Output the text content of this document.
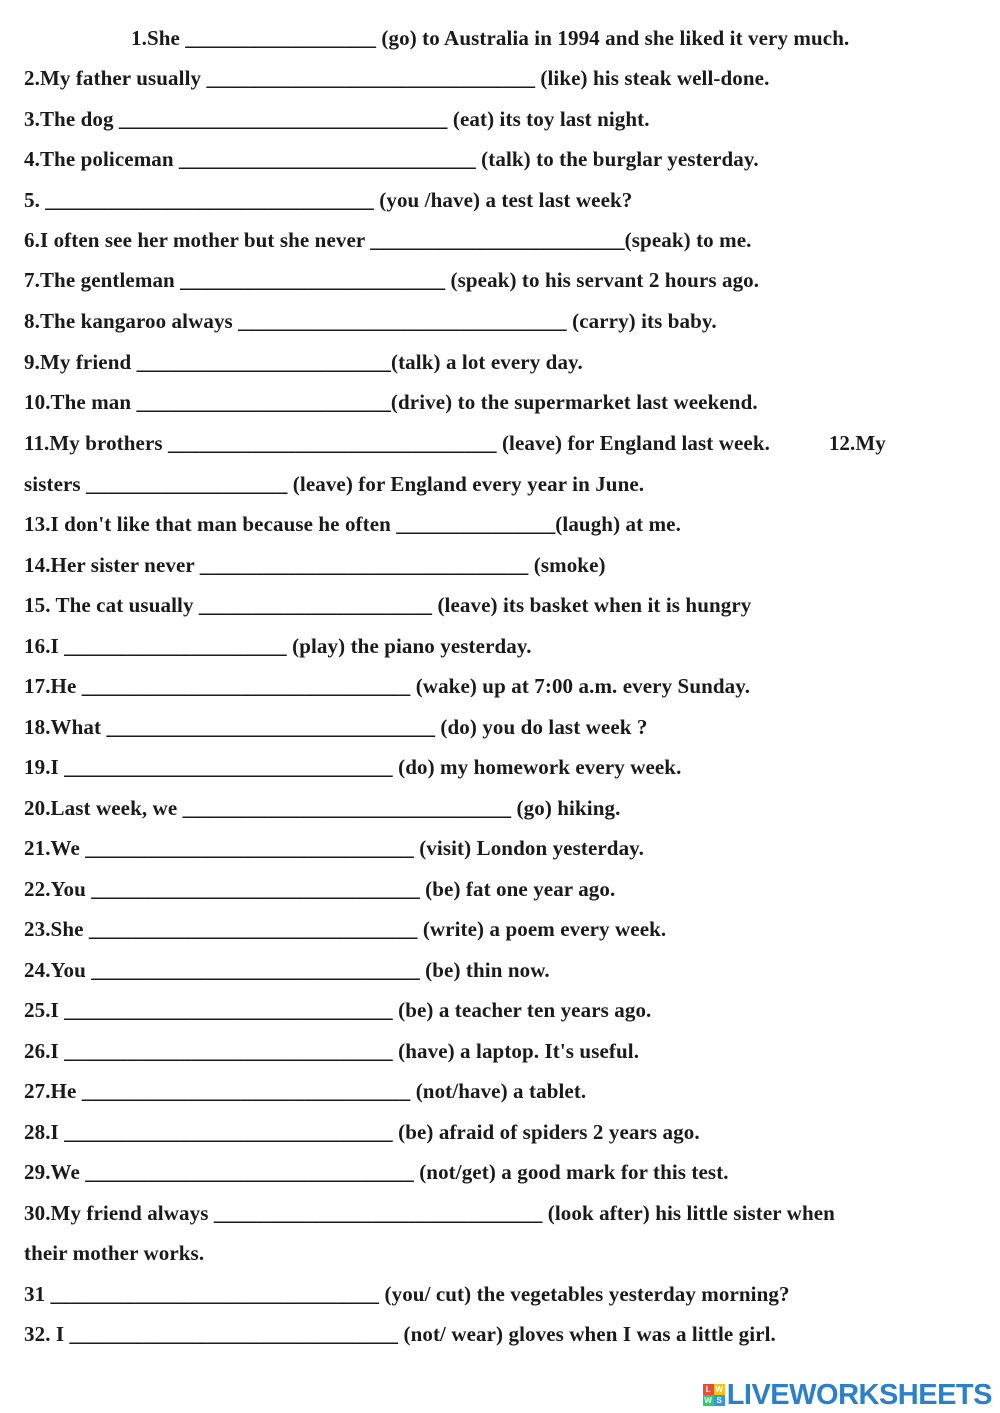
1.She __________________ (go) to Australia in 1994 and she liked it very much.
2.My father usually _______________________________ (like) his steak well-done.
3.The dog _______________________________ (eat) its toy last night.
4.The policeman ____________________________ (talk) to the burglar yesterday.
5. _______________________________ (you /have) a test last week?
6.I often see her mother but she never ________________________(speak) to me.
7.The gentleman _________________________ (speak) to his servant 2 hours ago.
8.The kangaroo always _______________________________ (carry) its baby.
9.My friend ________________________(talk) a lot every day.
10.The man ________________________(drive) to the supermarket last weekend.
11.My brothers _______________________________ (leave) for England last week.           12.My
sisters ___________________ (leave) for England every year in June.
13.I don't like that man because he often _______________(laugh) at me.
14.Her sister never _______________________________ (smoke)
15. The cat usually ______________________ (leave) its basket when it is hungry
16.I _____________________ (play) the piano yesterday.
17.He _______________________________ (wake) up at 7:00 a.m. every Sunday.
18.What _______________________________ (do) you do last week ?
19.I _______________________________ (do) my homework every week.
20.Last week, we _______________________________ (go) hiking.
21.We _______________________________ (visit) London yesterday.
22.You _______________________________ (be) fat one year ago.
23.She _______________________________ (write) a poem every week.
24.You _______________________________ (be) thin now.
25.I _______________________________ (be) a teacher ten years ago.
26.I _______________________________ (have) a laptop. It's useful.
27.He _______________________________ (not/have) a tablet.
28.I _______________________________ (be) afraid of spiders 2 years ago.
29.We _______________________________ (not/get) a good mark for this test.
30.My friend always _______________________________ (look after) his little sister when
their mother works.
31 _______________________________ (you/ cut) the vegetables yesterday morning?
32. I _______________________________ (not/ wear) gloves when I was a little girl.
L W
W S LIVEWORKSHEETS
